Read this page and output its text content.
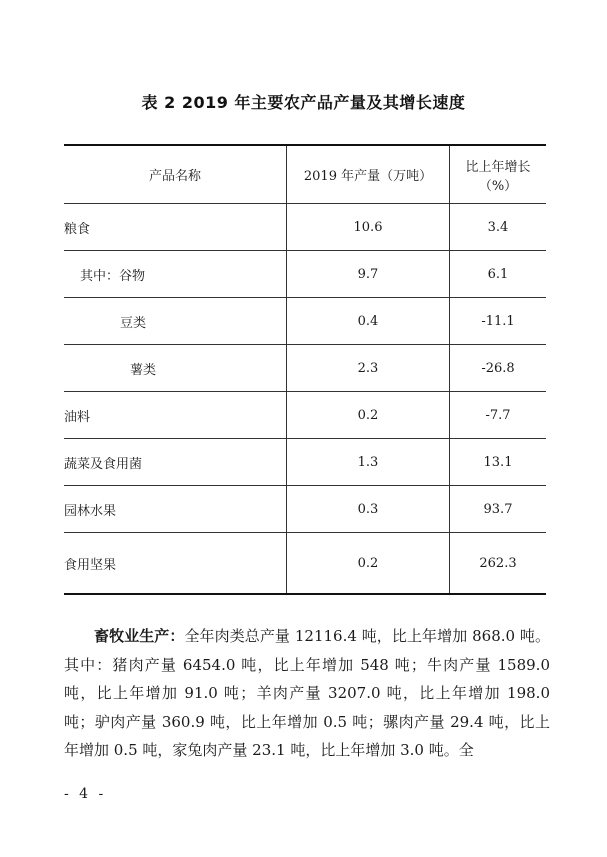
表 2 2019 年主要农产品产量及其增长速度
产品名称	2019 年产量（万吨）	比上年增长（%）
粮食	10.6	3.4
其中：谷物	9.7	6.1
豆类	0.4	-11.1
薯类	2.3	-26.8
油料	0.2	-7.7
蔬菜及食用菌	1.3	13.1
园林水果	0.3	93.7
食用坚果	0.2	262.3

畜牧业生产：全年肉类总产量 12116.4 吨，比上年增加 868.0 吨。其中：猪肉产量 6454.0 吨，比上年增加 548 吨；牛肉产量 1589.0 吨，比上年增加 91.0 吨；羊肉产量 3207.0 吨，比上年增加 198.0 吨；驴肉产量 360.9 吨，比上年增加 0.5 吨；骡肉产量 29.4 吨，比上年增加 0.5 吨，家兔肉产量 23.1 吨，比上年增加 3.0 吨。全

- 4 -
